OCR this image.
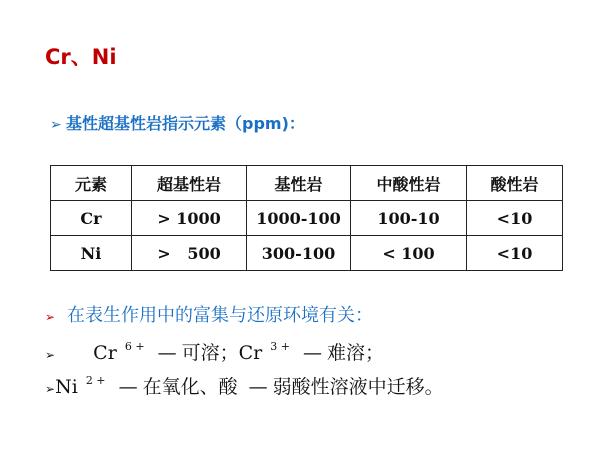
Cr、Ni
➢ 基性超基性岩指示元素（ppm)：
元素	超基性岩	基性岩	中酸性岩	酸性岩
Cr	> 1000	1000-100	100-10	<10
Ni	>   500	300-100	< 100	<10
➢ 在表生作用中的富集与还原环境有关：
➢ Cr $^{6 +}$ — 可溶；Cr $^{3 +}$ — 难溶；
➢Ni $^{2 +}$ — 在氧化、酸 — 弱酸性溶液中迁移。
